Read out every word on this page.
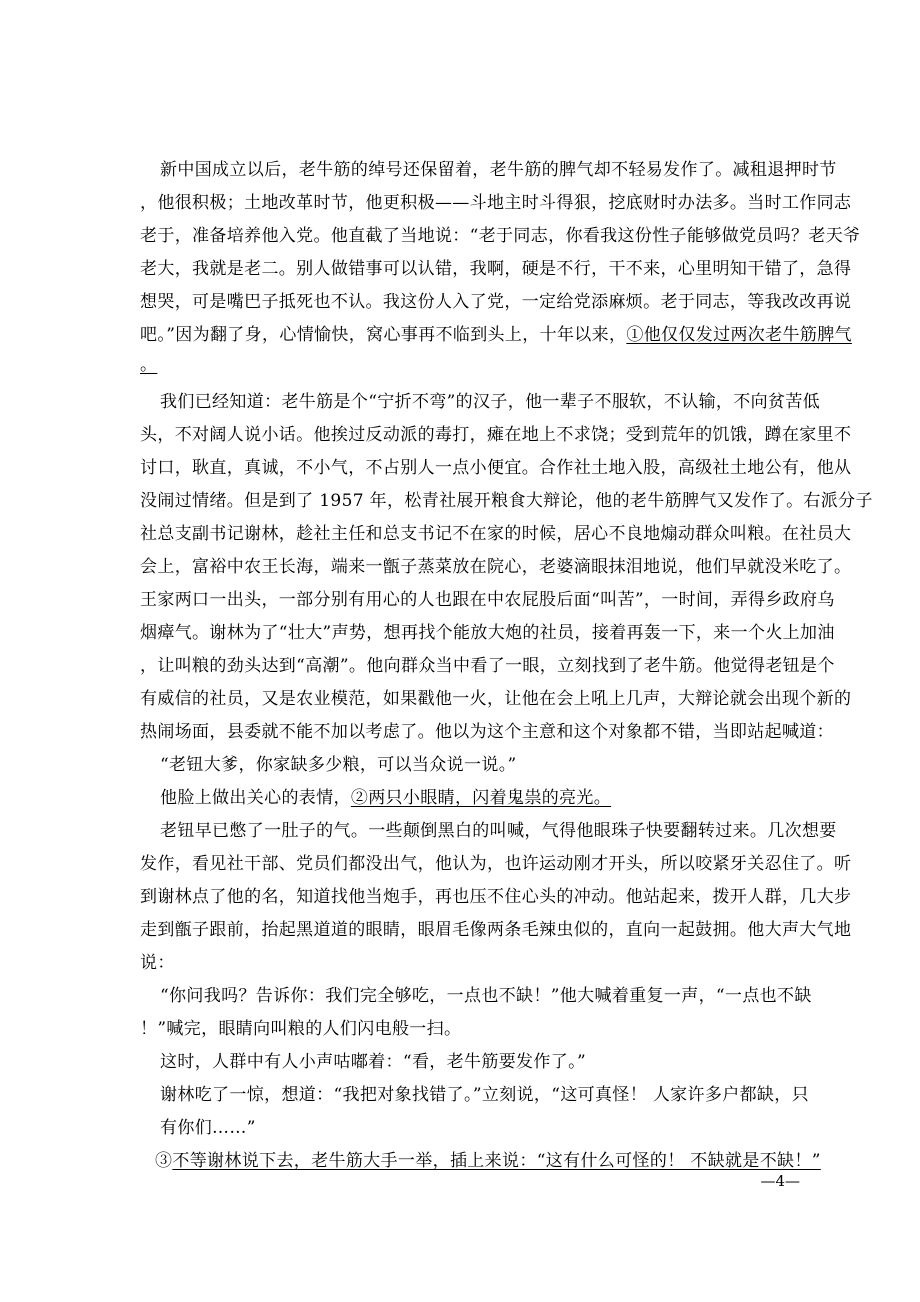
新中国成立以后，老牛筋的绰号还保留着，老牛筋的脾气却不轻易发作了。减租退押时节
，他很积极；土地改革时节，他更积极——斗地主时斗得狠，挖底财时办法多。当时工作同志
老于，准备培养他入党。他直截了当地说：“老于同志，你看我这份性子能够做党员吗？老天爷
老大，我就是老二。别人做错事可以认错，我啊，硬是不行，干不来，心里明知干错了，急得
想哭，可是嘴巴子抵死也不认。我这份人入了党，一定给党添麻烦。老于同志，等我改改再说
吧。”因为翻了身，心情愉快，窝心事再不临到头上，十年以来，①他仅仅发过两次老牛筋脾气
。
我们已经知道：老牛筋是个“宁折不弯”的汉子，他一辈子不服软，不认输，不向贫苦低
头，不对阔人说小话。他挨过反动派的毒打，瘫在地上不求饶；受到荒年的饥饿，蹲在家里不
讨口，耿直，真诚，不小气，不占别人一点小便宜。合作社土地入股，高级社土地公有，他从
没闹过情绪。但是到了 1957 年，松青社展开粮食大辩论，他的老牛筋脾气又发作了。右派分子
社总支副书记谢林，趁社主任和总支书记不在家的时候，居心不良地煽动群众叫粮。在社员大
会上，富裕中农王长海，端来一甑子蒸菜放在院心，老婆滴眼抹泪地说，他们早就没米吃了。
王家两口一出头，一部分别有用心的人也跟在中农屁股后面“叫苦”，一时间，弄得乡政府乌
烟瘴气。谢林为了“壮大”声势，想再找个能放大炮的社员，接着再轰一下，来一个火上加油
，让叫粮的劲头达到“高潮”。他向群众当中看了一眼，立刻找到了老牛筋。他觉得老钮是个
有威信的社员，又是农业模范，如果戳他一火，让他在会上吼上几声，大辩论就会出现个新的
热闹场面，县委就不能不加以考虑了。他以为这个主意和这个对象都不错，当即站起喊道：
“老钮大爹，你家缺多少粮，可以当众说一说。”
他脸上做出关心的表情，②两只小眼睛，闪着鬼祟的亮光。
老钮早已憋了一肚子的气。一些颠倒黑白的叫喊，气得他眼珠子快要翻转过来。几次想要
发作，看见社干部、党员们都没出气，他认为，也许运动刚才开头，所以咬紧牙关忍住了。听
到谢林点了他的名，知道找他当炮手，再也压不住心头的冲动。他站起来，拨开人群，几大步
走到甑子跟前，抬起黑道道的眼睛，眼眉毛像两条毛辣虫似的，直向一起鼓拥。他大声大气地
说：
“你问我吗？告诉你：我们完全够吃，一点也不缺！”他大喊着重复一声，“一点也不缺
！”喊完，眼睛向叫粮的人们闪电般一扫。
这时，人群中有人小声咕嘟着：“看，老牛筋要发作了。”
谢林吃了一惊，想道：“我把对象找错了。”立刻说，“这可真怪！ 人家许多户都缺，只
有你们……”
③不等谢林说下去，老牛筋大手一举，插上来说：“这有什么可怪的！ 不缺就是不缺！”
—4—
